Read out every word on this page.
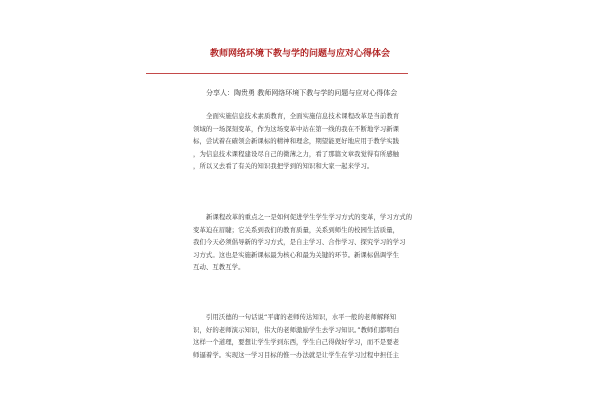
教师网络环境下教与学的问题与应对心得体会
分享人：陶贵勇 教师网络环境下教与学的问题与应对心得体会
全面实施信息技术素质教育，全面实施信息技术课程改革是当前教育
领域的一场深刻变革，作为这场变革中站在第一线的我在不断地学习新课
标，尝试着在確领会新课标的精神和理念，期望能更好地应用于教学实践
，为信息技术课程建设尽自己的微薄之力，看了那篇文章我觉得有所感触
，所以又去看了有关的知识我把学到的知识和大家一起来学习。
新课程改革的重点之一是如何促进学生学生学习方式的变革，学习方式的
变革迫在眉睫；它关系到我们的教育质量，关系到师生的校园生活质量，
我们今天必须倡导新的学习方式，是自主学习、合作学习、探究学习的学习
习方式。这也是实施新课标最为核心和最为关键的环节。新课标倡调学生
互动、互教互学。
引用沃德的一句话说“平庸的老师传达知识，水平一般的老师解释知
识，好的老师演示知识，伟大的老师激励学生去学习知识。”教师们都明白
这样一个道理，要想让学生学到东西，学生自己得做好学习，而不是要老
师逼着学。实现这一学习目标的惟一办法就是让学生在学习过程中担任主
